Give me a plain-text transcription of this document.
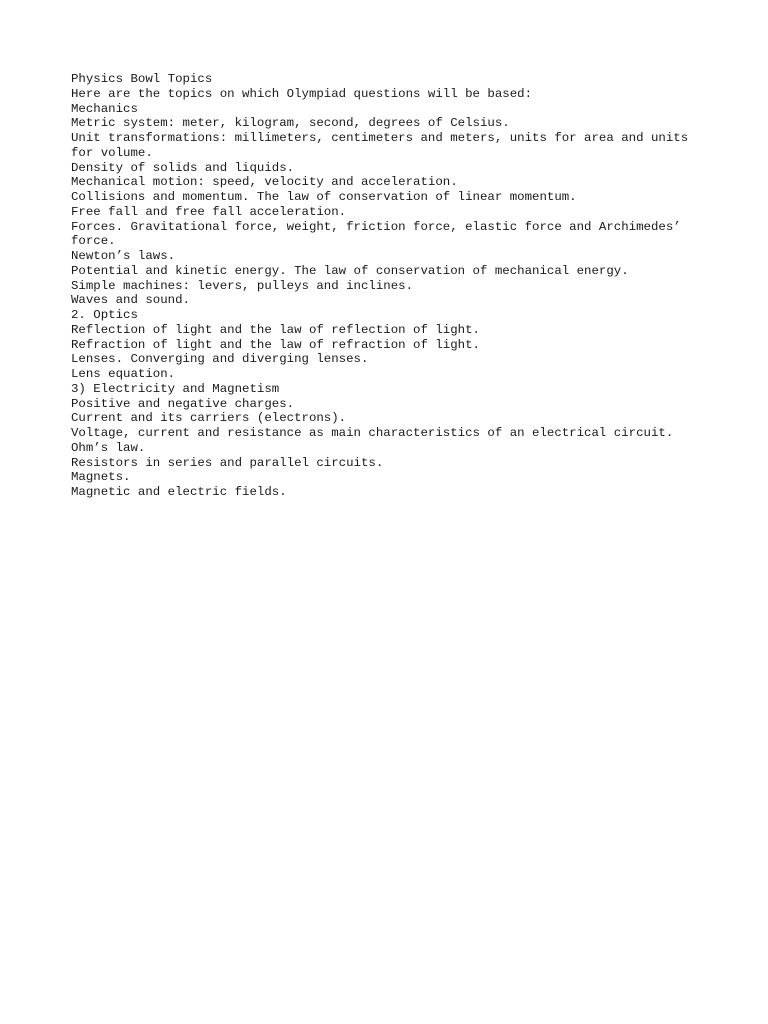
Physics Bowl Topics
Here are the topics on which Olympiad questions will be based:
Mechanics
Metric system: meter, kilogram, second, degrees of Celsius.
Unit transformations: millimeters, centimeters and meters, units for area and units for volume.
Density of solids and liquids.
Mechanical motion: speed, velocity and acceleration.
Collisions and momentum. The law of conservation of linear momentum.
Free fall and free fall acceleration.
Forces. Gravitational force, weight, friction force, elastic force and Archimedes’ force.
Newton’s laws.
Potential and kinetic energy. The law of conservation of mechanical energy.
Simple machines: levers, pulleys and inclines.
Waves and sound.
2. Optics
Reflection of light and the law of reflection of light.
Refraction of light and the law of refraction of light.
Lenses. Converging and diverging lenses.
Lens equation.
3) Electricity and Magnetism
Positive and negative charges.
Current and its carriers (electrons).
Voltage, current and resistance as main characteristics of an electrical circuit.
Ohm’s law.
Resistors in series and parallel circuits.
Magnets.
Magnetic and electric fields.
